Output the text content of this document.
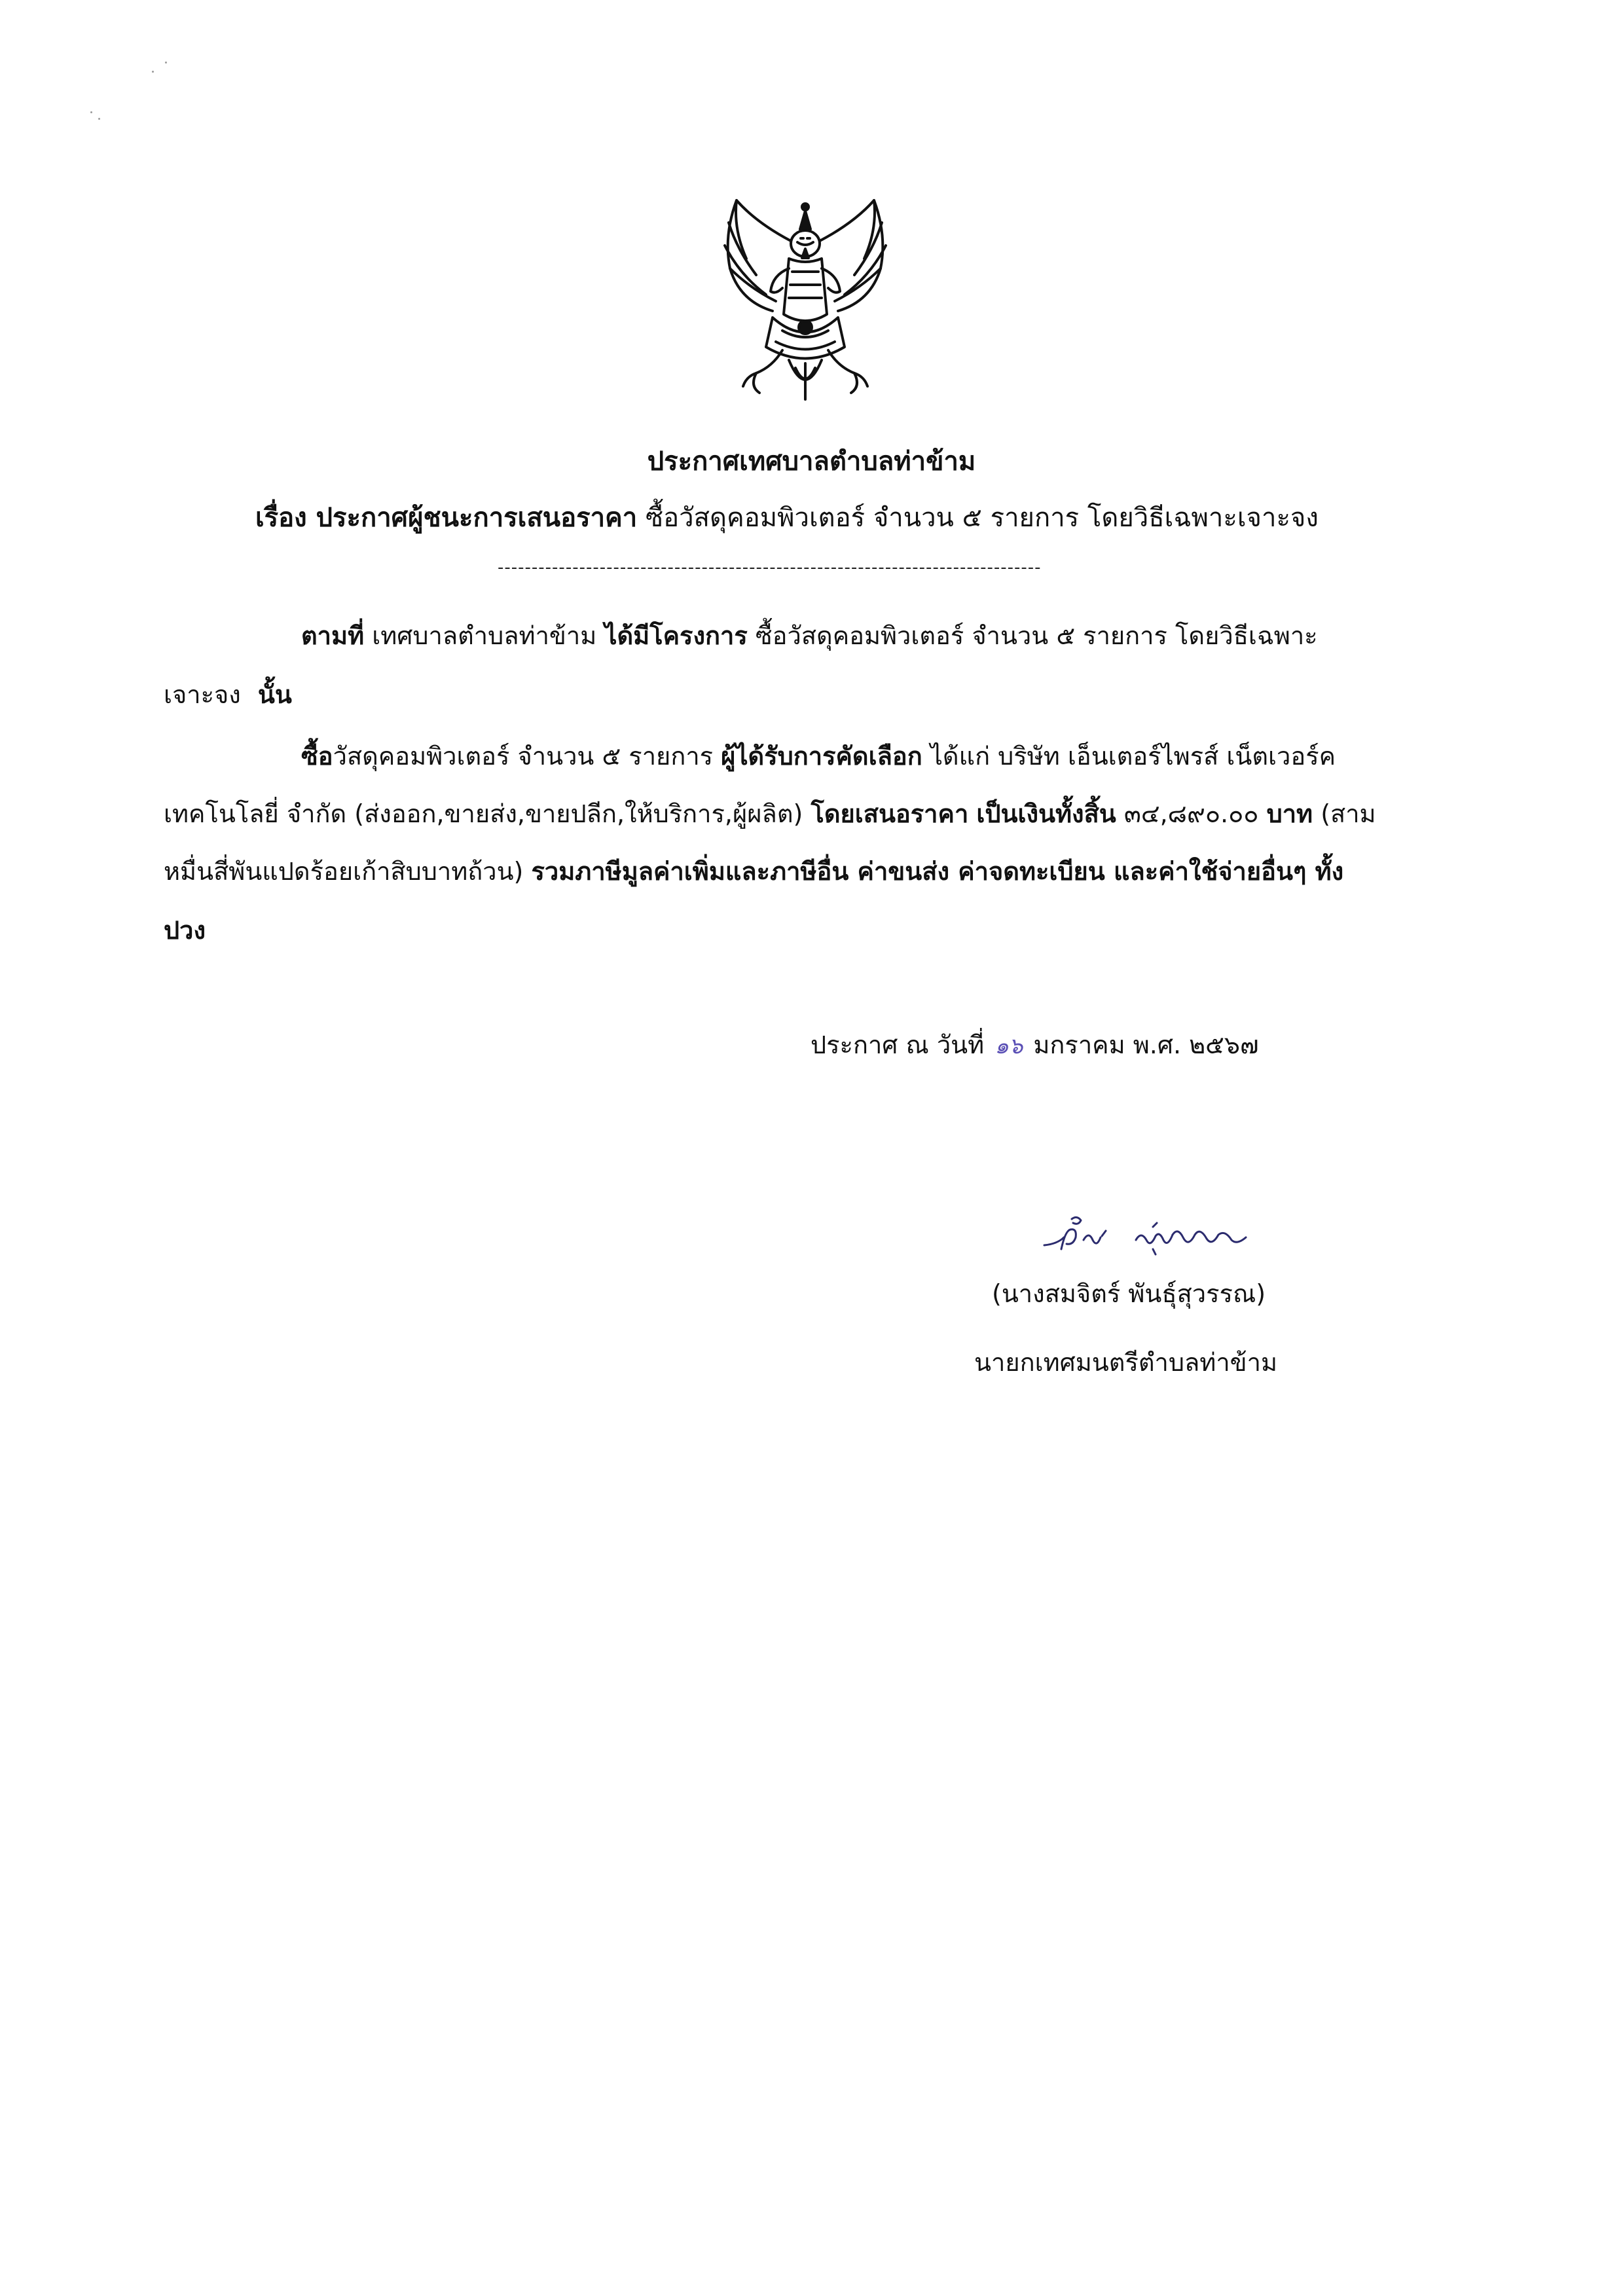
ประกาศเทศบาลตำบลท่าข้าม
เรื่อง ประกาศผู้ชนะการเสนอราคา ซื้อวัสดุคอมพิวเตอร์ จำนวน ๕ รายการ โดยวิธีเฉพาะเจาะจง
--------------------------------------------------------------------------------
ตามที่ เทศบาลตำบลท่าข้าม ได้มีโครงการ ซื้อวัสดุคอมพิวเตอร์ จำนวน ๕ รายการ โดยวิธีเฉพาะ
เจาะจง นั้น
ซื้อวัสดุคอมพิวเตอร์ จำนวน ๕ รายการ ผู้ได้รับการคัดเลือก ได้แก่ บริษัท เอ็นเตอร์ไพรส์ เน็ตเวอร์ค
เทคโนโลยี่ จำกัด (ส่งออก,ขายส่ง,ขายปลีก,ให้บริการ,ผู้ผลิต) โดยเสนอราคา เป็นเงินทั้งสิ้น ๓๔,๘๙๐.๐๐ บาท (สาม
หมื่นสี่พันแปดร้อยเก้าสิบบาทถ้วน) รวมภาษีมูลค่าเพิ่มและภาษีอื่น ค่าขนส่ง ค่าจดทะเบียน และค่าใช้จ่ายอื่นๆ ทั้ง
ปวง
ประกาศ ณ วันที่ ๑๖ มกราคม พ.ศ. ๒๕๖๗
(นางสมจิตร์ พันธุ์สุวรรณ)
นายกเทศมนตรีตำบลท่าข้าม
